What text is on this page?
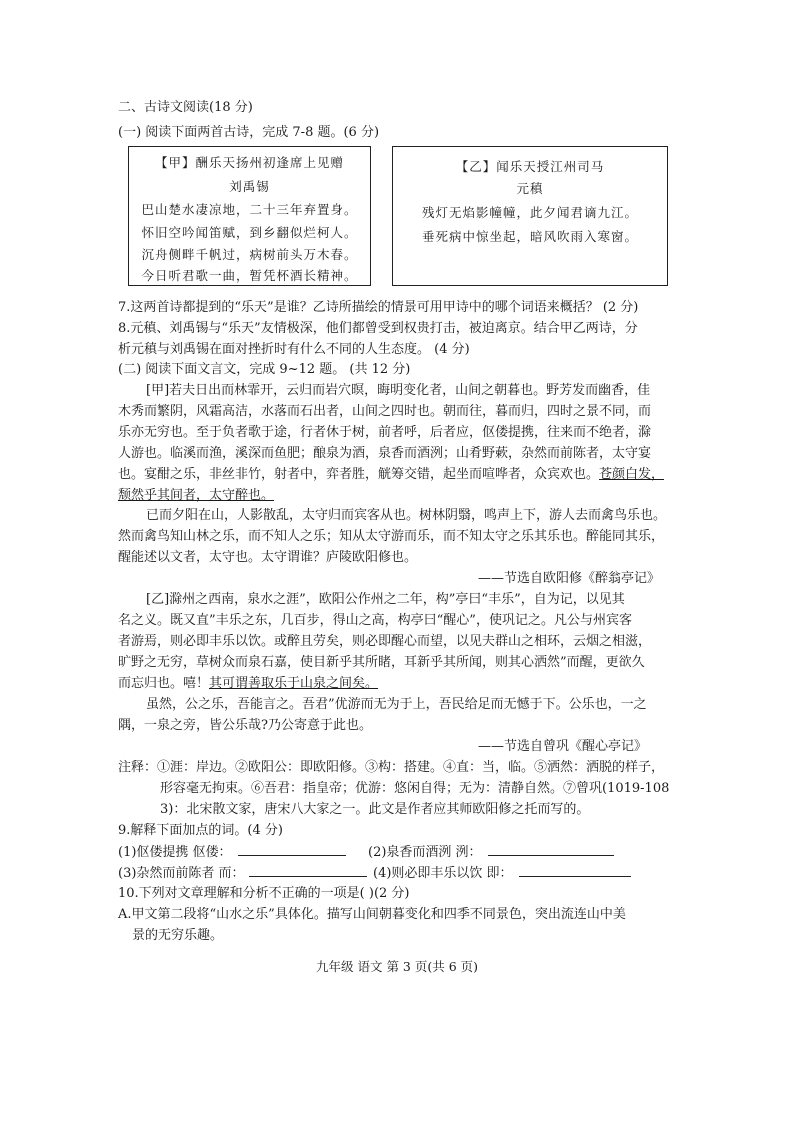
二、古诗文阅读(18 分)
(一) 阅读下面两首古诗，完成 7-8 题。(6 分)
【甲】酬乐天扬州初逢席上见赠
刘禹锡
巴山楚水凄凉地，二十三年弃置身。
怀旧空吟闻笛赋，到乡翻似烂柯人。
沉舟侧畔千帆过，病树前头万木春。
今日听君歌一曲，暂凭杯酒长精神。
【乙】闻乐天授江州司马
元稹
残灯无焰影幢幢，此夕闻君谪九江。
垂死病中惊坐起，暗风吹雨入寒窗。
7.这两首诗都提到的“乐天”是谁？乙诗所描绘的情景可用甲诗中的哪个词语来概括？ (2 分)
8.元稹、刘禹锡与“乐天”友情极深，他们都曾受到权贵打击，被迫离京。结合甲乙两诗，分
析元稹与刘禹锡在面对挫折时有什么不同的人生态度。 (4 分)
(二) 阅读下面文言文，完成 9~12 题。 (共 12 分)
[甲]若夫日出而林霏开，云归而岩穴暝，晦明变化者，山间之朝暮也。野芳发而幽香，佳
木秀而繁阴，风霜高洁，水落而石出者，山间之四时也。朝而往，暮而归，四时之景不同，而
乐亦无穷也。至于负者歌于途，行者休于树，前者呼，后者应，伛偻提携，往来而不绝者，滁
人游也。临溪而渔，溪深而鱼肥；酿泉为酒，泉香而酒洌；山肴野蔌，杂然而前陈者，太守宴
也。宴酣之乐，非丝非竹，射者中，弈者胜，觥筹交错，起坐而喧哗者，众宾欢也。苍颜白发，
颓然乎其间者，太守醉也。
已而夕阳在山，人影散乱，太守归而宾客从也。树林阴翳，鸣声上下，游人去而禽鸟乐也。
然而禽鸟知山林之乐，而不知人之乐；知从太守游而乐，而不知太守之乐其乐也。醉能同其乐，
醒能述以文者，太守也。太守谓谁？庐陵欧阳修也。
——节选自欧阳修《醉翁亭记》
[乙]滁州之西南，泉水之涯”，欧阳公作州之二年，构”亭曰“丰乐”，自为记，以见其
名之义。既又直”丰乐之东，几百步，得山之高，构亭曰“醒心”，使巩记之。凡公与州宾客
者游焉，则必即丰乐以饮。或醉且劳矣，则必即醒心而望，以见夫群山之相环，云烟之相滋，
旷野之无穷，草树众而泉石嘉，使目新乎其所睹，耳新乎其所闻，则其心洒然”而醒，更欲久
而忘归也。嘻！其可谓善取乐于山泉之间矣。
虽然，公之乐，吾能言之。吾君”优游而无为于上，吾民给足而无憾于下。公乐也，一之
隅，一泉之旁，皆公乐哉?乃公寄意于此也。
——节选自曾巩《醒心亭记》
注释：①涯：岸边。②欧阳公：即欧阳修。③构：搭建。④直：当，临。⑤洒然：洒脱的样子，
形容毫无拘束。⑥吾君：指皇帝；优游：悠闲自得；无为：清静自然。⑦曾巩(1019-108
3)：北宋散文家，唐宋八大家之一。此文是作者应其师欧阳修之托而写的。
9.解释下面加点的词。(4 分)
(1)伛偻提携 伛偻：	(2)泉香而酒洌 洌：
(3)杂然而前陈者 而：	(4)则必即丰乐以饮 即：
10.下列对文章理解和分析不正确的一项是( )(2 分)
A.甲文第二段将“山水之乐”具体化。描写山间朝暮变化和四季不同景色，突出流连山中美
景的无穷乐趣。
九年级 语文 第 3 页(共 6 页)
